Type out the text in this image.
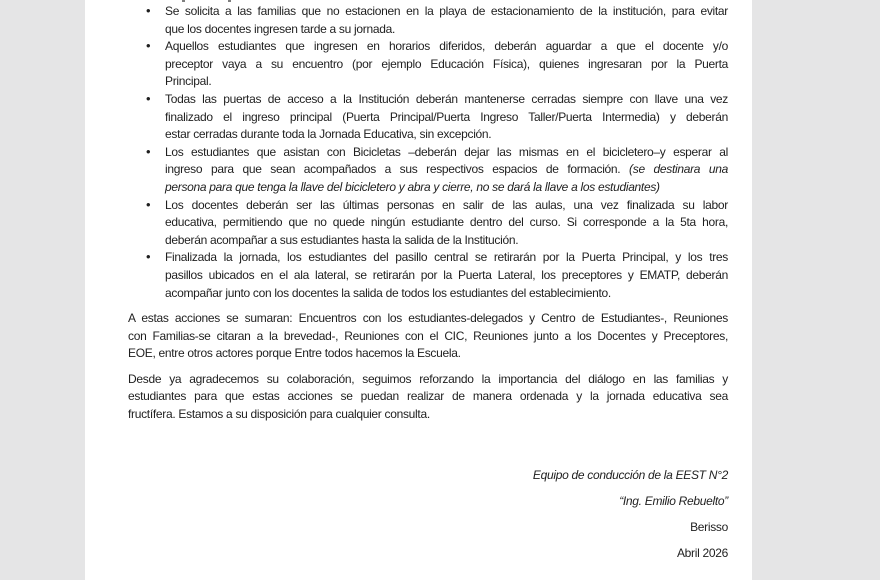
• Se solicita a las familias que no estacionen en la playa de estacionamiento de la institución, para evitar
que los docentes ingresen tarde a su jornada.
• Aquellos estudiantes que ingresen en horarios diferidos, deberán aguardar a que el docente y/o
preceptor vaya a su encuentro (por ejemplo Educación Física), quienes ingresaran por la Puerta
Principal.
• Todas las puertas de acceso a la Institución deberán mantenerse cerradas siempre con llave una vez
finalizado el ingreso principal (Puerta Principal/Puerta Ingreso Taller/Puerta Intermedia) y deberán
estar cerradas durante toda la Jornada Educativa, sin excepción.
• Los estudiantes que asistan con Bicicletas –deberán dejar las mismas en el bicicletero–y esperar al
ingreso para que sean acompañados a sus respectivos espacios de formación. (se destinara una
persona para que tenga la llave del bicicletero y abra y cierre, no se dará la llave a los estudiantes)
• Los docentes deberán ser las últimas personas en salir de las aulas, una vez finalizada su labor
educativa, permitiendo que no quede ningún estudiante dentro del curso. Si corresponde a la 5ta hora,
deberán acompañar a sus estudiantes hasta la salida de la Institución.
• Finalizada la jornada, los estudiantes del pasillo central se retirarán por la Puerta Principal, y los tres
pasillos ubicados en el ala lateral, se retirarán por la Puerta Lateral, los preceptores y EMATP, deberán
acompañar junto con los docentes la salida de todos los estudiantes del establecimiento.
A estas acciones se sumaran: Encuentros con los estudiantes-delegados y Centro de Estudiantes-, Reuniones
con Familias-se citaran a la brevedad-, Reuniones con el CIC, Reuniones junto a los Docentes y Preceptores,
EOE, entre otros actores porque Entre todos hacemos la Escuela.
Desde ya agradecemos su colaboración, seguimos reforzando la importancia del diálogo en las familias y
estudiantes para que estas acciones se puedan realizar de manera ordenada y la jornada educativa sea
fructífera. Estamos a su disposición para cualquier consulta.
Equipo de conducción de la EEST N°2
“Ing. Emilio Rebuelto”
Berisso
Abril 2026
